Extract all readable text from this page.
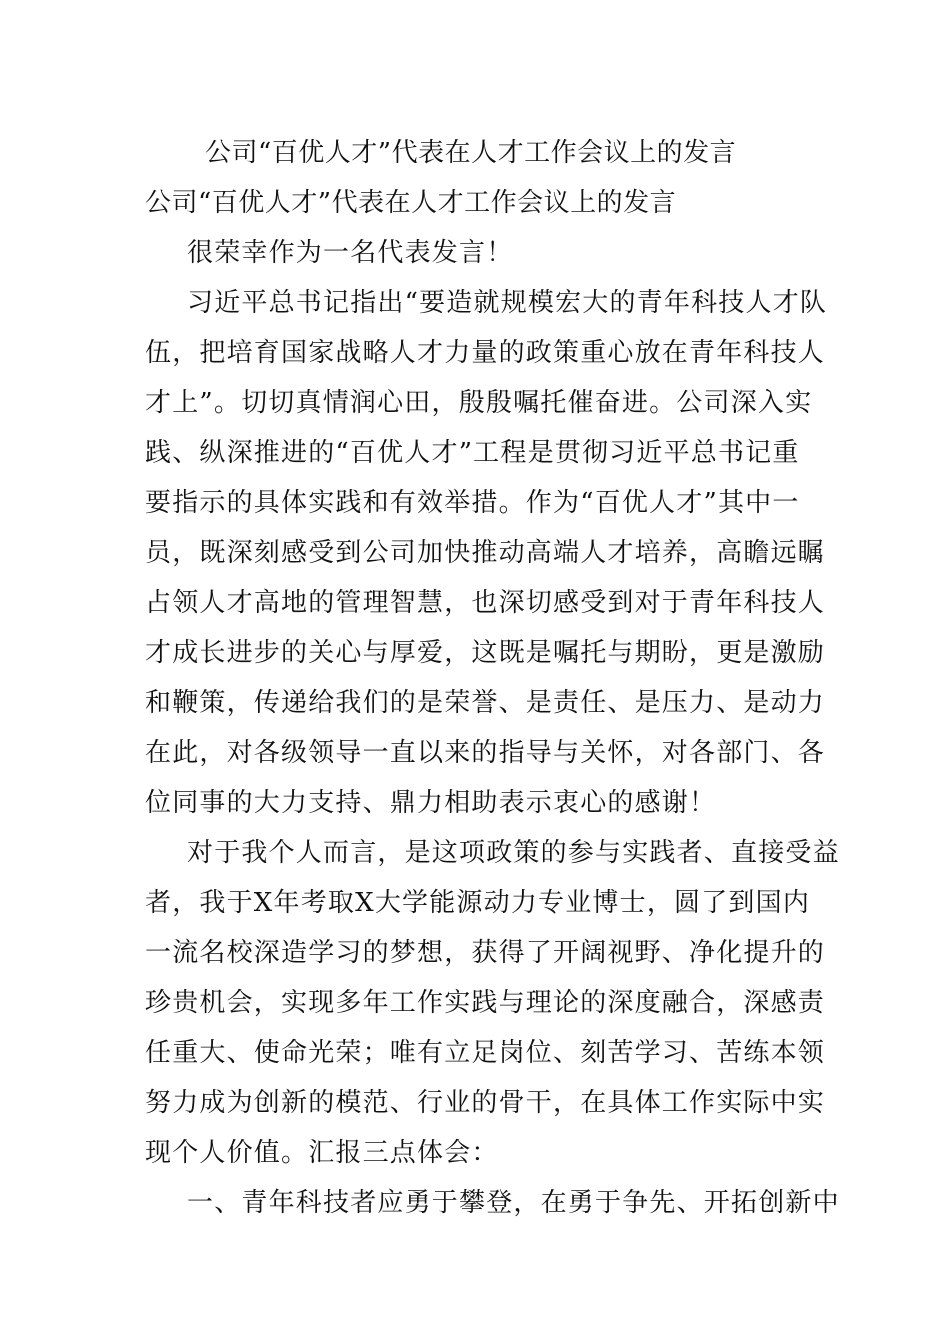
公司“百优人才”代表在人才工作会议上的发言
公司“百优人才”代表在人才工作会议上的发言
很荣幸作为一名代表发言！
习近平总书记指出“要造就规模宏大的青年科技人才队
伍，把培育国家战略人才力量的政策重心放在青年科技人
才上”。切切真情润心田，殷殷嘱托催奋进。公司深入实
践、纵深推进的“百优人才”工程是贯彻习近平总书记重
要指示的具体实践和有效举措。作为“百优人才”其中一
员，既深刻感受到公司加快推动高端人才培养，高瞻远瞩
占领人才高地的管理智慧，也深切感受到对于青年科技人
才成长进步的关心与厚爱，这既是嘱托与期盼，更是激励
和鞭策，传递给我们的是荣誉、是责任、是压力、是动力
在此，对各级领导一直以来的指导与关怀，对各部门、各
位同事的大力支持、鼎力相助表示衷心的感谢！
对于我个人而言，是这项政策的参与实践者、直接受益
者，我于X年考取X大学能源动力专业博士，圆了到国内
一流名校深造学习的梦想，获得了开阔视野、净化提升的
珍贵机会，实现多年工作实践与理论的深度融合，深感责
任重大、使命光荣；唯有立足岗位、刻苦学习、苦练本领
努力成为创新的模范、行业的骨干，在具体工作实际中实
现个人价值。汇报三点体会：
一、青年科技者应勇于攀登，在勇于争先、开拓创新中
